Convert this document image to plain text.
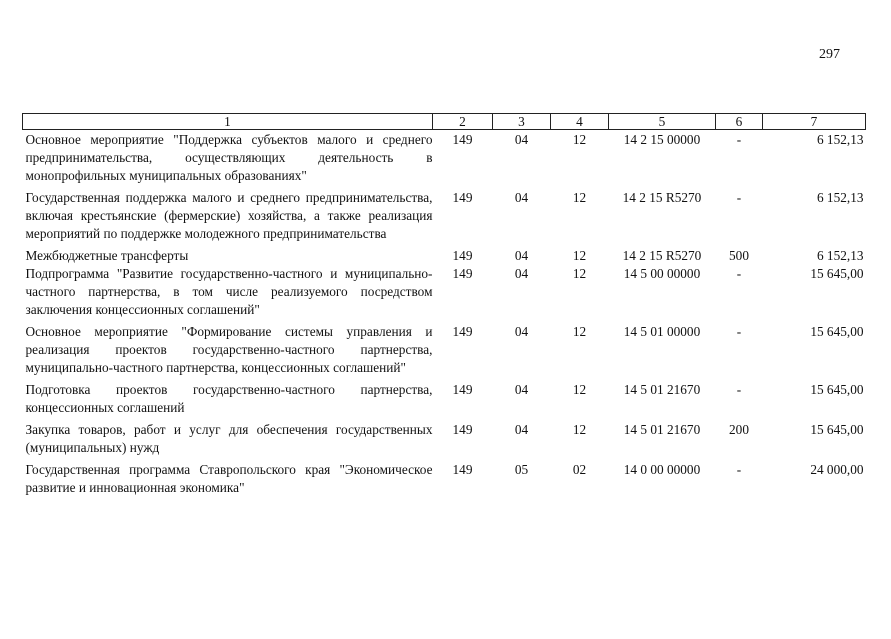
297
1	2	3	4	5	6	7
Основное мероприятие "Поддержка субъектов малого и среднего предпринимательства, осуществляющих деятельность в монопрофильных муниципальных образованиях"	149	04	12	14 2 15 00000	-	6 152,13
Государственная поддержка малого и среднего предпринимательства, включая крестьянские (фермерские) хозяйства, а также реализация мероприятий по поддержке молодежного предпринимательства	149	04	12	14 2 15 R5270	-	6 152,13
Межбюджетные трансферты	149	04	12	14 2 15 R5270	500	6 152,13
Подпрограмма "Развитие государственно-частного и муниципально-частного партнерства, в том числе реализуемого посредством заключения концессионных соглашений"	149	04	12	14 5 00 00000	-	15 645,00
Основное мероприятие "Формирование системы управления и реализация проектов государственно-частного партнерства, муниципально-частного партнерства, концессионных соглашений"	149	04	12	14 5 01 00000	-	15 645,00
Подготовка проектов государственно-частного партнерства, концессионных соглашений	149	04	12	14 5 01 21670	-	15 645,00
Закупка товаров, работ и услуг для обеспечения государственных (муниципальных) нужд	149	04	12	14 5 01 21670	200	15 645,00
Государственная программа Ставропольского края "Экономическое развитие и инновационная экономика"	149	05	02	14 0 00 00000	-	24 000,00
